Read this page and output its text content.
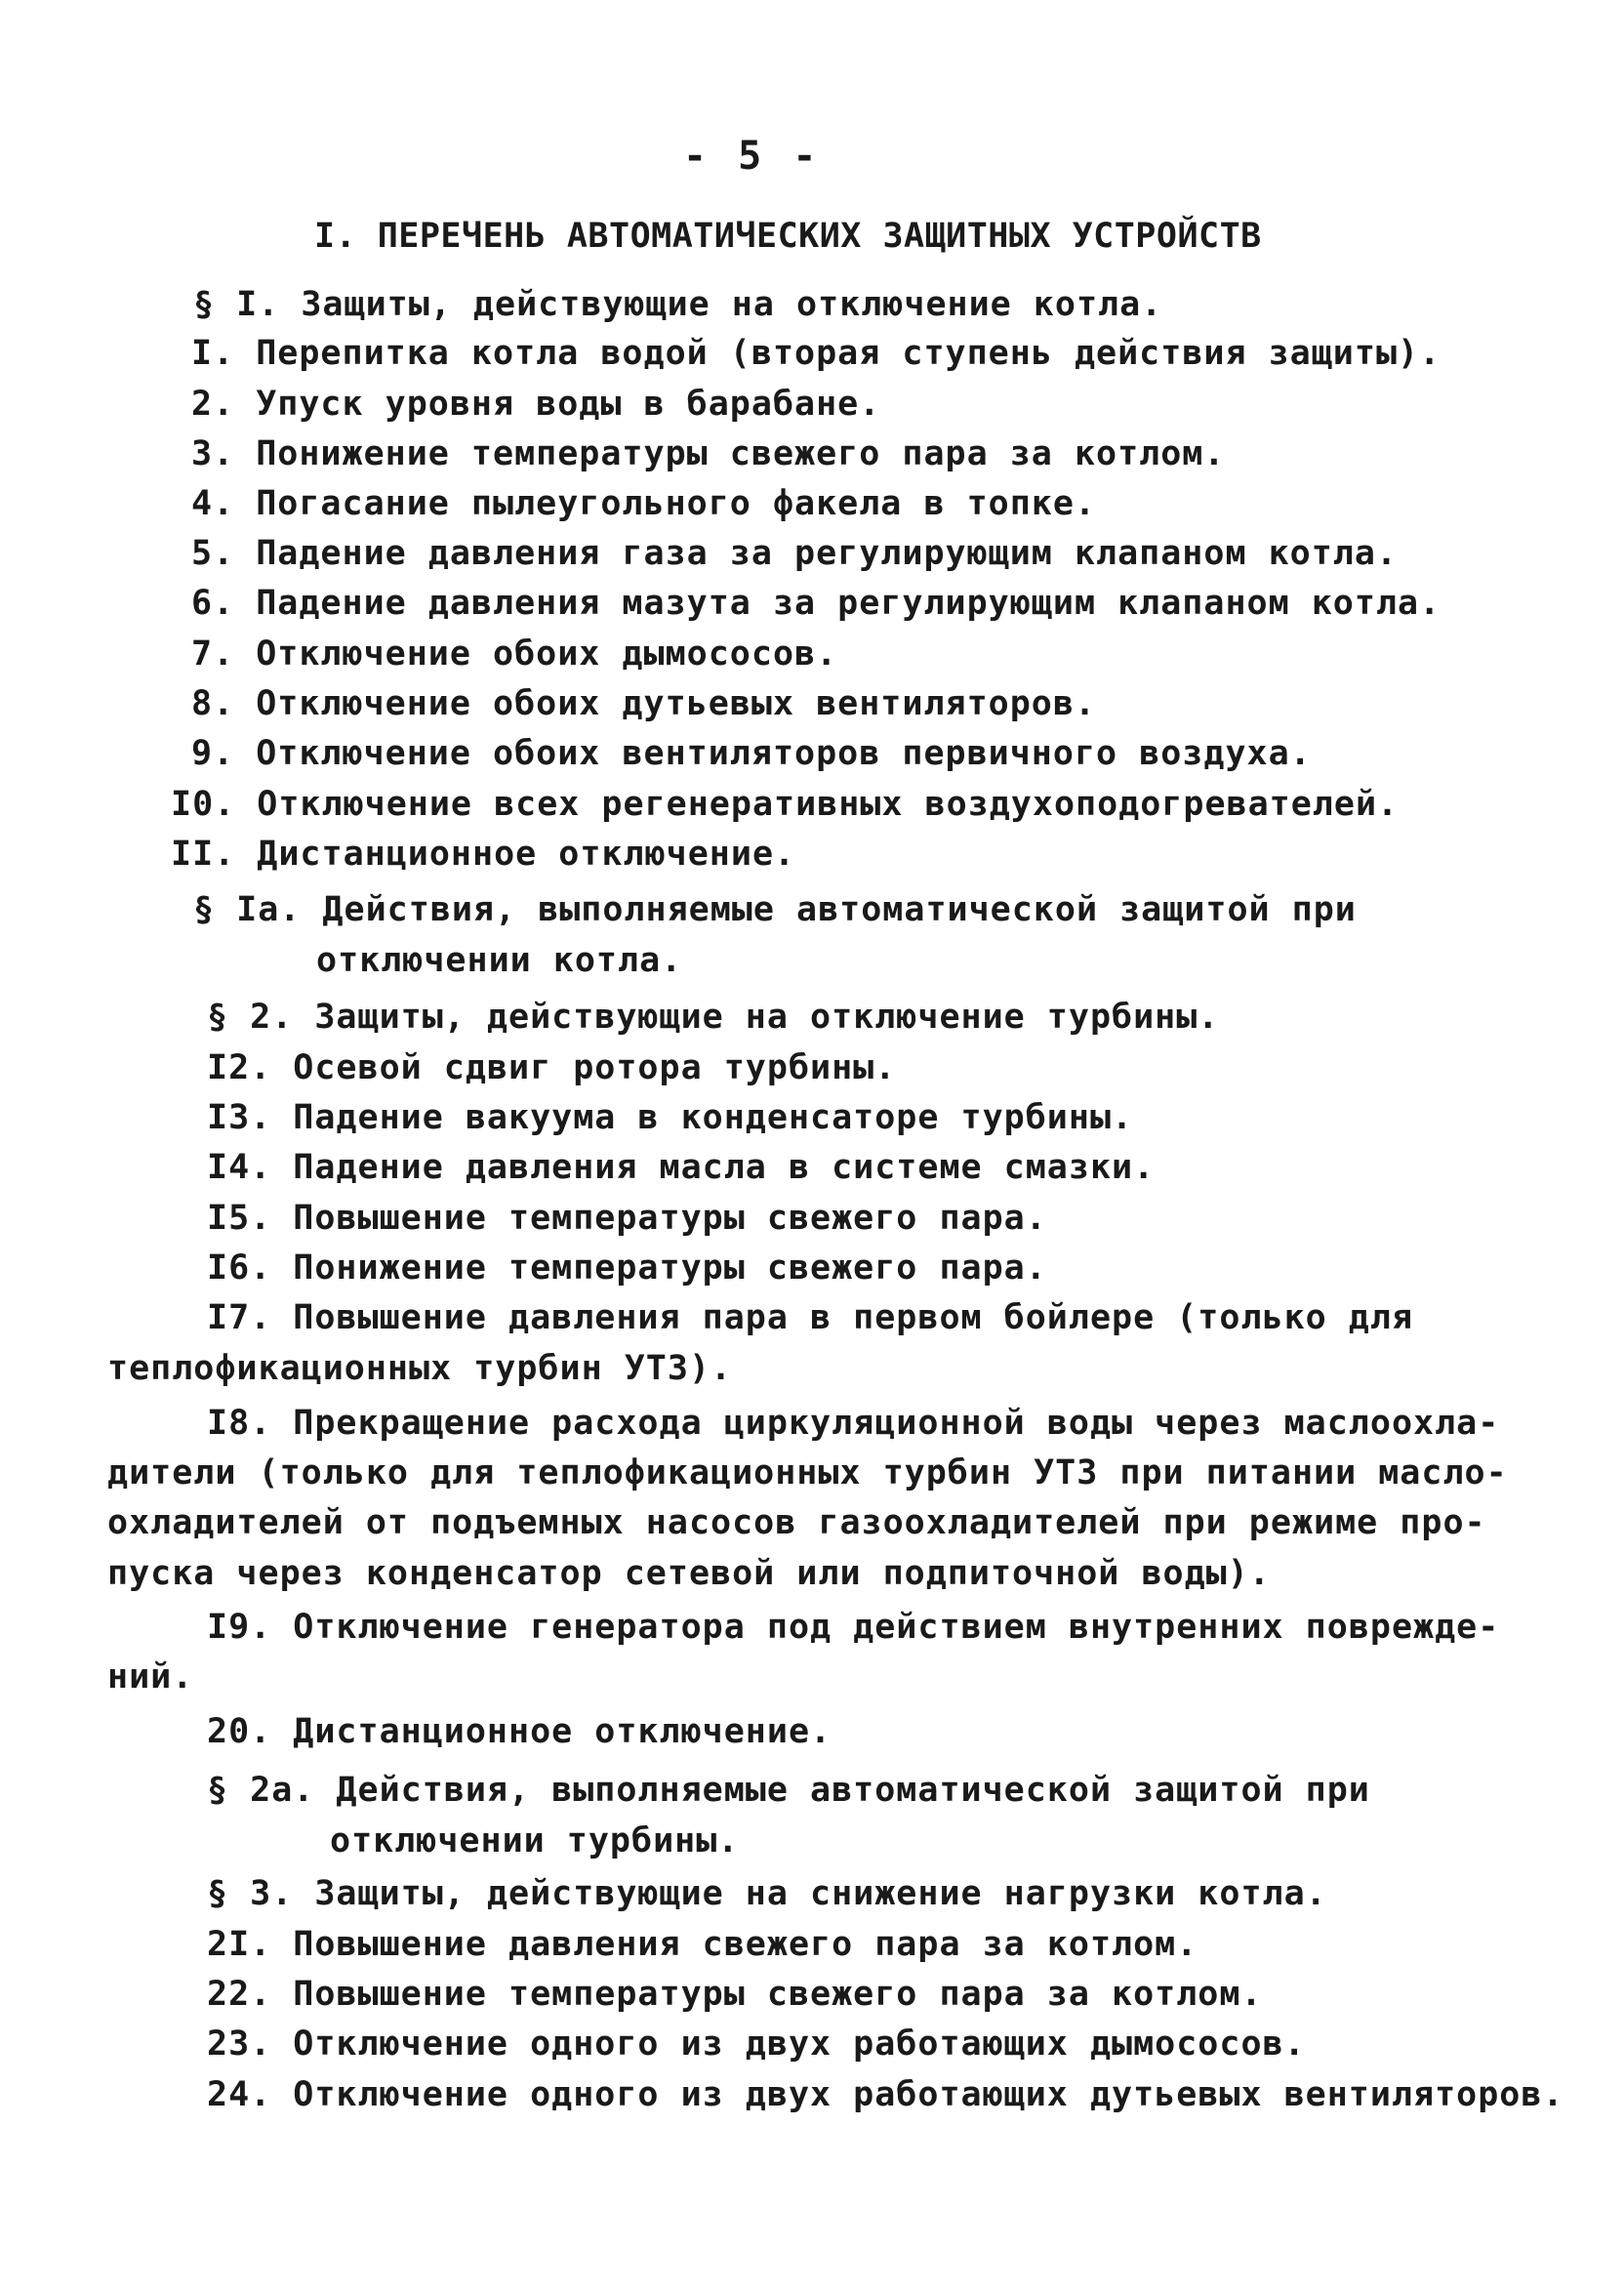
- 5 -
I. ПЕРЕЧЕНЬ АВТОМАТИЧЕСКИХ ЗАЩИТНЫХ УСТРОЙСТВ
§ I. Защиты, действующие на отключение котла.
I. Перепитка котла водой (вторая ступень действия защиты).
2. Упуск уровня воды в барабане.
3. Понижение температуры свежего пара за котлом.
4. Погасание пылеугольного факела в топке.
5. Падение давления газа за регулирующим клапаном котла.
6. Падение давления мазута за регулирующим клапаном котла.
7. Отключение обоих дымососов.
8. Отключение обоих дутьевых вентиляторов.
9. Отключение обоих вентиляторов первичного воздуха.
I0. Отключение всех регенеративных воздухоподогревателей.
II. Дистанционное отключение.
§ Iа. Действия, выполняемые автоматической защитой при
отключении котла.
§ 2. Защиты, действующие на отключение турбины.
I2. Осевой сдвиг ротора турбины.
I3. Падение вакуума в конденсаторе турбины.
I4. Падение давления масла в системе смазки.
I5. Повышение температуры свежего пара.
I6. Понижение температуры свежего пара.
I7. Повышение давления пара в первом бойлере (только для
теплофикационных турбин УТЗ).
I8. Прекращение расхода циркуляционной воды через маслоохла-
дители (только для теплофикационных турбин УТЗ при питании масло-
охладителей от подъемных насосов газоохладителей при режиме про-
пуска через конденсатор сетевой или подпиточной воды).
I9. Отключение генератора под действием внутренних поврежде-
ний.
20. Дистанционное отключение.
§ 2а. Действия, выполняемые автоматической защитой при
отключении турбины.
§ 3. Защиты, действующие на снижение нагрузки котла.
2I. Повышение давления свежего пара за котлом.
22. Повышение температуры свежего пара за котлом.
23. Отключение одного из двух работающих дымососов.
24. Отключение одного из двух работающих дутьевых вентиляторов.
